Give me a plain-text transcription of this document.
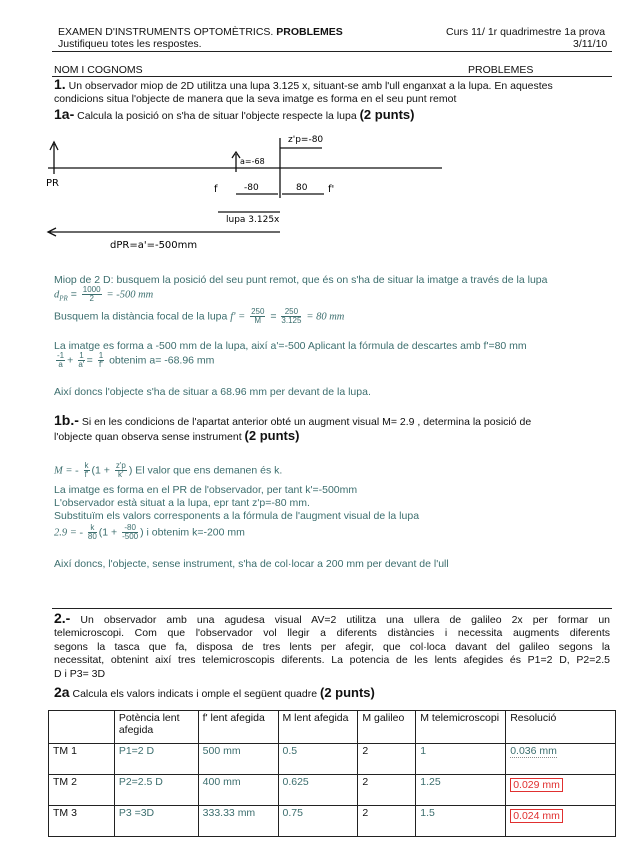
EXAMEN D'INSTRUMENTS OPTOMÈTRICS. PROBLEMES
Justifiqueu totes les respostes.
Curs 11/ 1r quadrimestre 1a prova
3/11/10
NOM I COGNOMS	PROBLEMES
1. Un observador miop de 2D utilitza una lupa 3.125 x, situant-se amb l'ull enganxat a la lupa. En aquestes
condicions situa l'objecte de manera que la seva imatge es forma en el seu punt remot
1a- Calcula la posició on s'ha de situar l'objecte respecte la lupa (2 punts)
PR
z'p=-80
a=-68
f	f'
-80	80
lupa 3.125x
dPR=a'=-500mm
Miop de 2 D: busquem la posició del seu punt remot, que és on s'ha de situar la imatge a través de la lupa
$d_{PR} = \frac{1000}{2} = -500$ mm
Busquem la distància focal de la lupa $f' = \frac{250}{M} = \frac{250}{3.125} = 80$ mm
La imatge es forma a -500 mm de la lupa, així a'=-500 Aplicant la fórmula de descartes amb f'=80 mm
$\frac{-1}{a} + \frac{1}{a'} = \frac{1}{f'}$ obtenim a= -68.96 mm
Així doncs l'objecte s'ha de situar a 68.96 mm per devant de la lupa.
1b.- Si en les condicions de l'apartat anterior obté un augment visual M= 2.9 , determina la posició de
l'objecte quan observa sense instrument (2 punts)
M = - $\frac{k}{f'} (1 + \frac{z'p}{k'}$ ) El valor que ens demanen és k.
La imatge es forma en el PR de l'observador, per tant k'=-500mm
L'observador està situat a la lupa, epr tant z'p=-80 mm.
Substituïm els valors corresponents a la fórmula de l'augment visual de la lupa
2.9 = - $\frac{k}{80} (1 + \frac{-80}{-500}$ ) i obtenim k=-200 mm
Així doncs, l'objecte, sense instrument, s'ha de col·locar a 200 mm per devant de l'ull
2.- Un observador amb una agudesa visual AV=2 utilitza una ullera de galileo 2x per formar un
telemicroscopi. Com que l'observador vol llegir a diferents distàncies i necessita augments diferents
segons la tasca que fa, disposa de tres lents per afegir, que col·loca davant del galileo segons la
necessitat, obtenint així tres telemicroscopis diferents. La potencia de les lents afegides és P1=2 D, P2=2.5
D i P3= 3D
2a Calcula els valors indicats i omple el següent quadre (2 punts)
	Potència lent afegida	f' lent afegida	M lent afegida	M galileo	M telemicroscopi	Resolució
TM 1	P1=2 D	500 mm	0.5	2	1	0.036 mm
TM 2	P2=2.5 D	400 mm	0.625	2	1.25	0.029 mm
TM 3	P3 =3D	333.33 mm	0.75	2	1.5	0.024 mm
